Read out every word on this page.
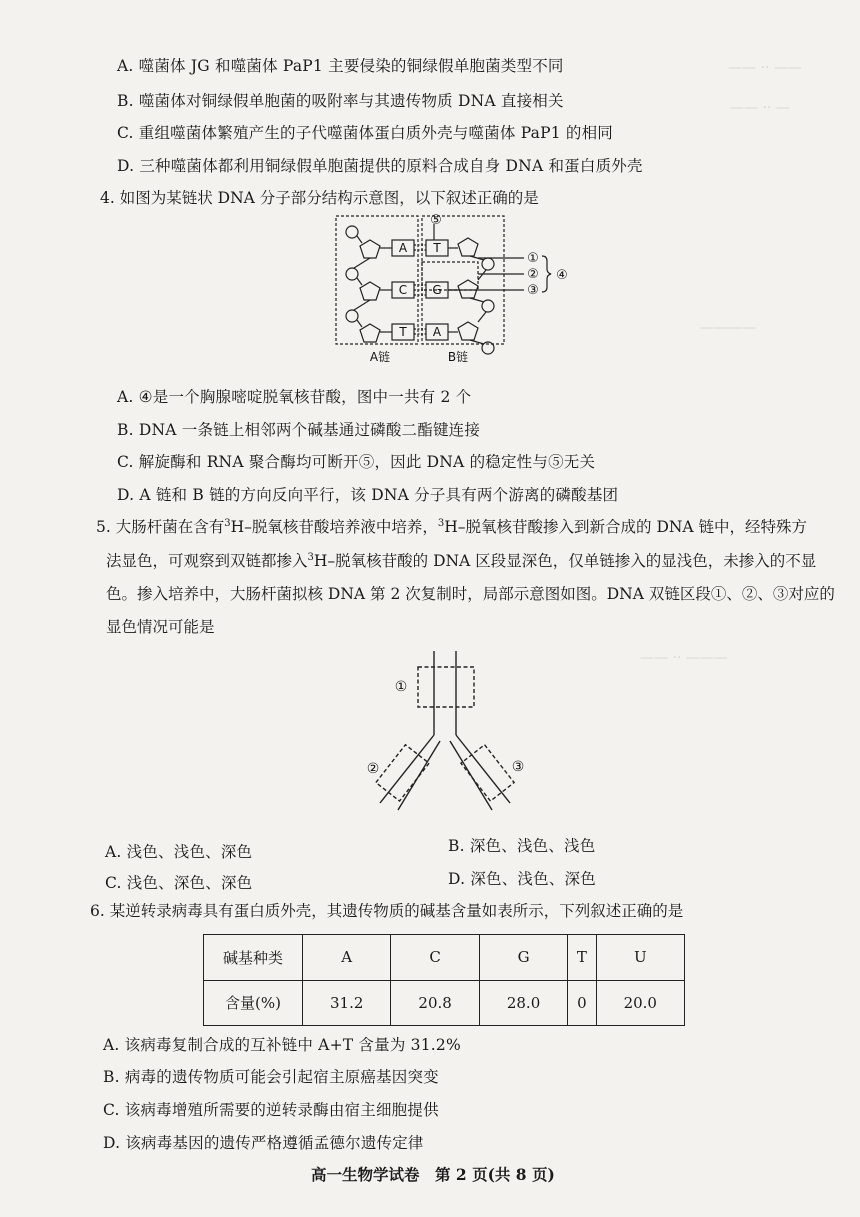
—— ·· ——
—— ·· —
————
—— ·· ———
A. 噬菌体 JG 和噬菌体 PaP1 主要侵染的铜绿假单胞菌类型不同
B. 噬菌体对铜绿假单胞菌的吸附率与其遗传物质 DNA 直接相关
C. 重组噬菌体繁殖产生的子代噬菌体蛋白质外壳与噬菌体 PaP1 的相同
D. 三种噬菌体都利用铜绿假单胞菌提供的原料合成自身 DNA 和蛋白质外壳
4. 如图为某链状 DNA 分子部分结构示意图，以下叙述正确的是
A
C
T
T
G
A
⑤
①
②
③
④
A链	B链
A. ④是一个胸腺嘧啶脱氧核苷酸，图中一共有 2 个
B. DNA 一条链上相邻两个碱基通过磷酸二酯键连接
C. 解旋酶和 RNA 聚合酶均可断开⑤，因此 DNA 的稳定性与⑤无关
D. A 链和 B 链的方向反向平行，该 DNA 分子具有两个游离的磷酸基团
5. 大肠杆菌在含有$^3$H–脱氧核苷酸培养液中培养，$^3$H–脱氧核苷酸掺入到新合成的 DNA 链中，经特殊方
法显色，可观察到双链都掺入$^3$H–脱氧核苷酸的 DNA 区段显深色，仅单链掺入的显浅色，未掺入的不显
色。掺入培养中，大肠杆菌拟核 DNA 第 2 次复制时，局部示意图如图。DNA 双链区段①、②、③对应的
显色情况可能是
①
②	③
A. 浅色、浅色、深色	B. 深色、浅色、浅色
C. 浅色、深色、深色	D. 深色、浅色、深色
6. 某逆转录病毒具有蛋白质外壳，其遗传物质的碱基含量如表所示，下列叙述正确的是
碱基种类	A	C	G	T	U
含量(%)	31.2	20.8	28.0	0	20.0
A. 该病毒复制合成的互补链中 A+T 含量为 31.2%
B. 病毒的遗传物质可能会引起宿主原癌基因突变
C. 该病毒增殖所需要的逆转录酶由宿主细胞提供
D. 该病毒基因的遗传严格遵循孟德尔遗传定律
高一生物学试卷　第 2 页(共 8 页)
